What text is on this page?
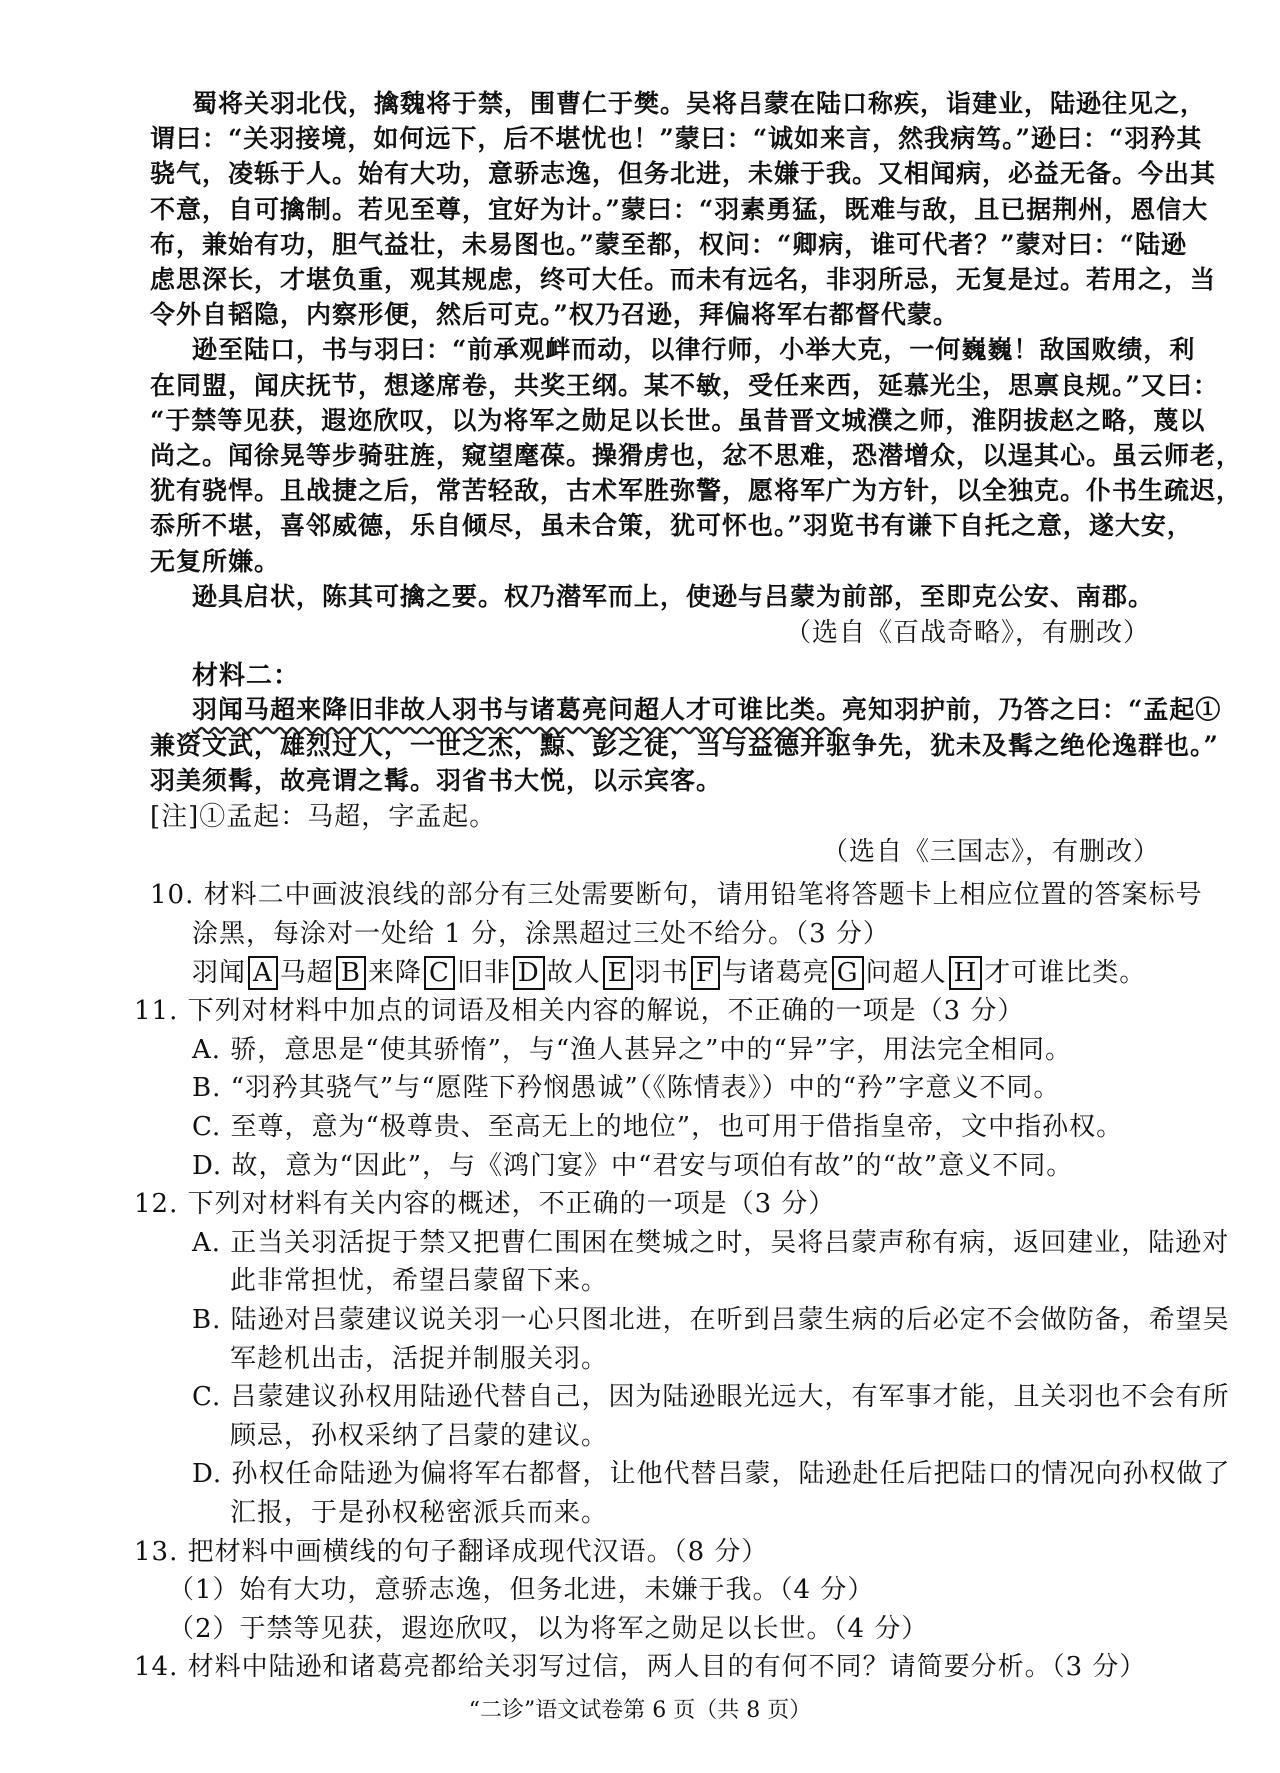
蜀将关羽北伐，擒魏将于禁，围曹仁于樊。吴将吕蒙在陆口称疾，诣建业，陆逊往见之，

谓曰：“关羽接境，如何远下，后不堪忧也！”蒙曰：“诚如来言，然我病笃。”逊曰：“羽矜其

骁气，凌轹于人。始有大功，意骄志逸，但务北进，未嫌于我。又相闻病，必益无备。今出其

不意，自可擒制。若见至尊，宜好为计。”蒙曰：“羽素勇猛，既难与敌，且已据荆州，恩信大

布，兼始有功，胆气益壮，未易图也。”蒙至都，权问：“卿病，谁可代者？”蒙对曰：“陆逊

虑思深长，才堪负重，观其规虑，终可大任。而未有远名，非羽所忌，无复是过。若用之，当

令外自韬隐，内察形便，然后可克。”权乃召逊，拜偏将军右都督代蒙。

逊至陆口，书与羽曰：“前承观衅而动，以律行师，小举大克，一何巍巍！敌国败绩，利

在同盟，闻庆抚节，想遂席卷，共奖王纲。某不敏，受任来西，延慕光尘，思禀良规。”又曰：

“于禁等见获，遐迩欣叹，以为将军之勋足以长世。虽昔晋文城濮之师，淮阴拔赵之略，蔑以

尚之。闻徐晃等步骑驻旌，窥望麾葆。操猾虏也，忿不思难，恐潜增众，以逞其心。虽云师老，

犹有骁悍。且战捷之后，常苦轻敌，古术军胜弥警，愿将军广为方针，以全独克。仆书生疏迟，

忝所不堪，喜邻威德，乐自倾尽，虽未合策，犹可怀也。”羽览书有谦下自托之意，遂大安，

无复所嫌。

逊具启状，陈其可擒之要。权乃潜军而上，使逊与吕蒙为前部，至即克公安、南郡。

（选自《百战奇略》，有删改）

材料二：

羽闻马超来降旧非故人羽书与诸葛亮问超人才可谁比类。亮知羽护前，乃答之曰：“孟起①

兼资文武，雄烈过人，一世之杰，黥、彭之徒，当与益德并驱争先，犹未及髯之绝伦逸群也。”

羽美须髯，故亮谓之髯。羽省书大悦，以示宾客。

[注]①孟起：马超，字孟起。

（选自《三国志》，有删改）

10. 材料二中画波浪线的部分有三处需要断句，请用铅笔将答题卡上相应位置的答案标号

涂黑，每涂对一处给 1 分，涂黑超过三处不给分。（3 分）

羽闻 A 马超 B 来降 C 旧非 D 故人 E 羽书 F 与诸葛亮 G 问超人 H 才可谁比类。

11. 下列对材料中加点的词语及相关内容的解说，不正确的一项是（3 分）

A. 骄，意思是“使其骄惰”，与“渔人甚异之”中的“异”字，用法完全相同。

B. “羽矜其骁气”与“愿陛下矜悯愚诚”（《陈情表》）中的“矜”字意义不同。

C. 至尊，意为“极尊贵、至高无上的地位”，也可用于借指皇帝，文中指孙权。

D. 故，意为“因此”，与《鸿门宴》中“君安与项伯有故”的“故”意义不同。

12. 下列对材料有关内容的概述，不正确的一项是（3 分）

A. 正当关羽活捉于禁又把曹仁围困在樊城之时，吴将吕蒙声称有病，返回建业，陆逊对

此非常担忧，希望吕蒙留下来。

B. 陆逊对吕蒙建议说关羽一心只图北进，在听到吕蒙生病的后必定不会做防备，希望吴

军趁机出击，活捉并制服关羽。

C. 吕蒙建议孙权用陆逊代替自己，因为陆逊眼光远大，有军事才能，且关羽也不会有所

顾忌，孙权采纳了吕蒙的建议。

D. 孙权任命陆逊为偏将军右都督，让他代替吕蒙，陆逊赴任后把陆口的情况向孙权做了

汇报，于是孙权秘密派兵而来。

13. 把材料中画横线的句子翻译成现代汉语。（8 分）

（1）始有大功，意骄志逸，但务北进，未嫌于我。（4 分）

（2）于禁等见获，遐迩欣叹，以为将军之勋足以长世。（4 分）

14. 材料中陆逊和诸葛亮都给关羽写过信，两人目的有何不同？请简要分析。（3 分）

“二诊”语文试卷第 6 页（共 8 页）
